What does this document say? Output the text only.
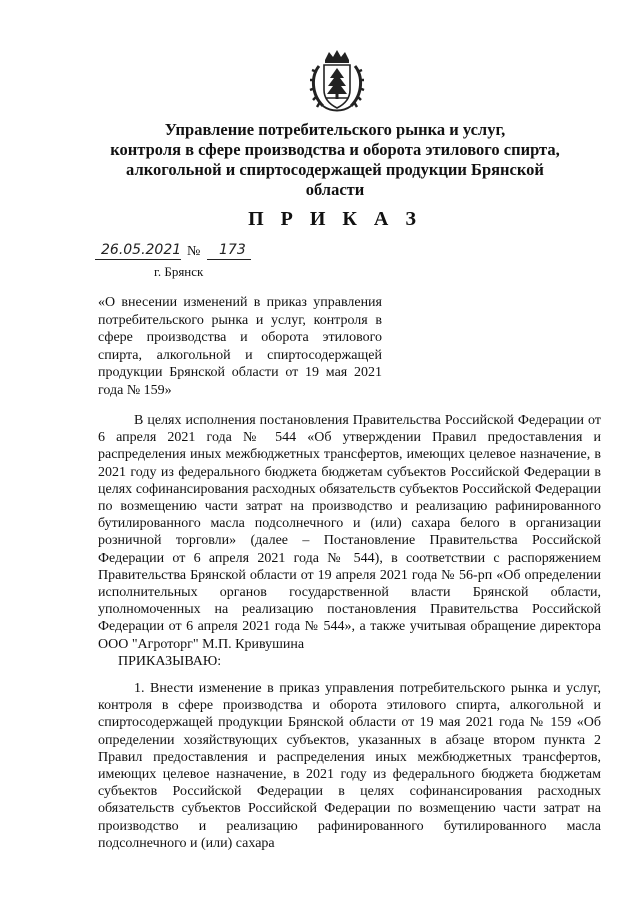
Управление потребительского рынка и услуг,
контроля в сфере производства и оборота этилового спирта,
алкогольной и спиртосодержащей продукции Брянской
области
П Р И К А З
26.05.2021 № 173
г. Брянск
«О внесении изменений в приказ управления потребительского рынка и услуг, контроля в сфере производства и оборота этилового спирта, алкогольной и спиртосодержащей продукции Брянской области от 19 мая 2021 года № 159»

В целях исполнения постановления Правительства Российской Федерации от 6 апреля 2021 года № 544 «Об утверждении Правил предоставления и распределения иных межбюджетных трансфертов, имеющих целевое назначение, в 2021 году из федерального бюджета бюджетам субъектов Российской Федерации в целях софинансирования расходных обязательств субъектов Российской Федерации по возмещению части затрат на производство и реализацию рафинированного бутилированного масла подсолнечного и (или) сахара белого в организации розничной торговли» (далее – Постановление Правительства Российской Федерации от 6 апреля 2021 года № 544), в соответствии с распоряжением Правительства Брянской области от 19 апреля 2021 года № 56-рп «Об определении исполнительных органов государственной власти Брянской области, уполномоченных на реализацию постановления Правительства Российской Федерации от 6 апреля 2021 года № 544», а также учитывая обращение директора ООО "Агроторг" М.П. Кривушина

ПРИКАЗЫВАЮ:

1. Внести изменение в приказ управления потребительского рынка и услуг, контроля в сфере производства и оборота этилового спирта, алкогольной и спиртосодержащей продукции Брянской области от 19 мая 2021 года № 159 «Об определении хозяйствующих субъектов, указанных в абзаце втором пункта 2 Правил предоставления и распределения иных межбюджетных трансфертов, имеющих целевое назначение, в 2021 году из федерального бюджета бюджетам субъектов Российской Федерации в целях софинансирования расходных обязательств субъектов Российской Федерации по возмещению части затрат на производство и реализацию рафинированного бутилированного масла подсолнечного и (или) сахара
